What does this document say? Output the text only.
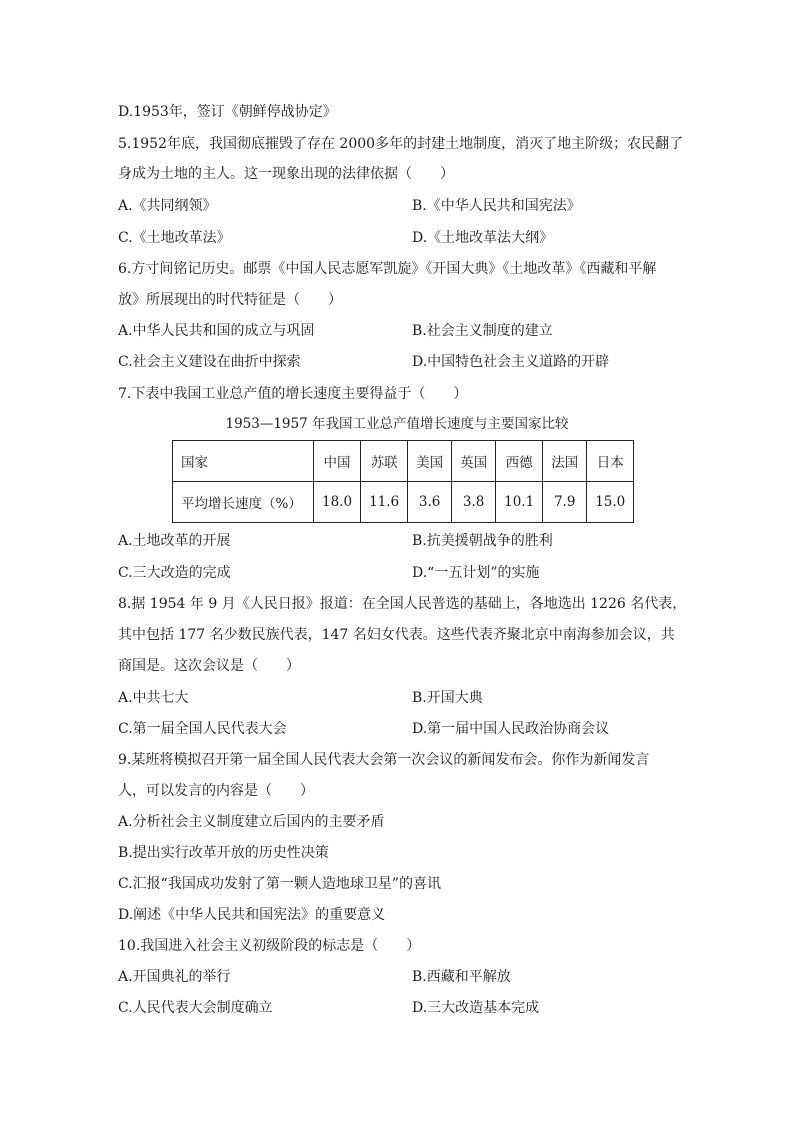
D.1953年，签订《朝鲜停战协定》
5.1952年底，我国彻底摧毁了存在 2000多年的封建土地制度，消灭了地主阶级；农民翻了
身成为土地的主人。这一现象出现的法律依据（　　）
A.《共同纲领》	B.《中华人民共和国宪法》
C.《土地改革法》	D.《土地改革法大纲》
6.方寸间铭记历史。邮票《中国人民志愿军凯旋》《开国大典》《土地改革》《西藏和平解
放》所展现出的时代特征是（　　）
A.中华人民共和国的成立与巩固	B.社会主义制度的建立
C.社会主义建设在曲折中探索	D.中国特色社会主义道路的开辟
7.下表中我国工业总产值的增长速度主要得益于（　　）
1953—1957 年我国工业总产值增长速度与主要国家比较
国家	中国	苏联	美国	英国	西德	法国	日本
平均增长速度（%）	18.0	11.6	3.6	3.8	10.1	7.9	15.0
A.土地改革的开展	B.抗美援朝战争的胜利
C.三大改造的完成	D.“一五计划”的实施
8.据 1954 年 9 月《人民日报》报道：在全国人民普选的基础上，各地选出 1226 名代表，
其中包括 177 名少数民族代表，147 名妇女代表。这些代表齐聚北京中南海参加会议，共
商国是。这次会议是（　　）
A.中共七大	B.开国大典
C.第一届全国人民代表大会	D.第一届中国人民政治协商会议
9.某班将模拟召开第一届全国人民代表大会第一次会议的新闻发布会。你作为新闻发言
人，可以发言的内容是（　　）
A.分析社会主义制度建立后国内的主要矛盾
B.提出实行改革开放的历史性决策
C.汇报“我国成功发射了第一颗人造地球卫星”的喜讯
D.阐述《中华人民共和国宪法》的重要意义
10.我国进入社会主义初级阶段的标志是（　　）
A.开国典礼的举行	B.西藏和平解放
C.人民代表大会制度确立	D.三大改造基本完成
